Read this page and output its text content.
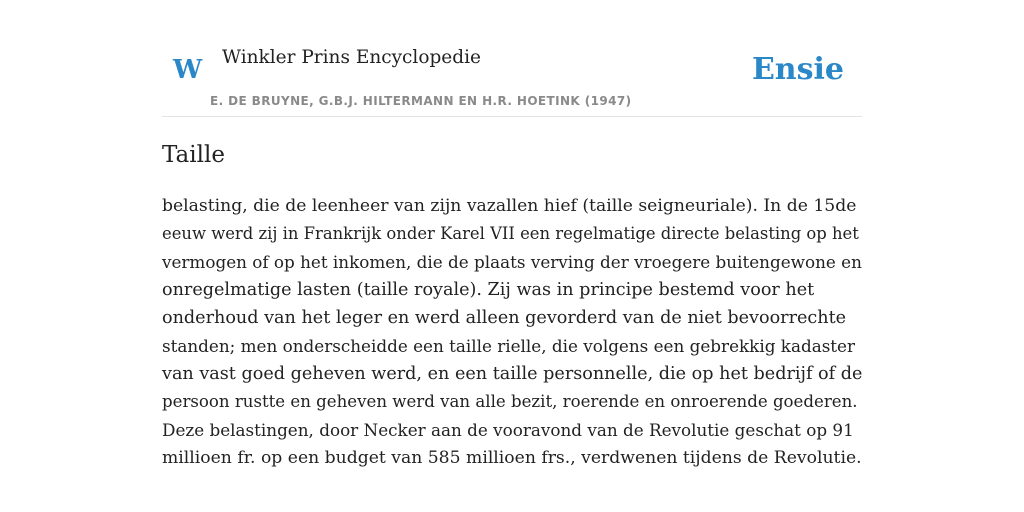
W Winkler Prins Encyclopedie
E. DE BRUYNE, G.B.J. HILTERMANN EN H.R. HOETINK (1947)
Ensie
Taille

belasting, die de leenheer van zijn vazallen hief (taille seigneuriale). In de 15de
eeuw werd zij in Frankrijk onder Karel VII een regelmatige directe belasting op het
vermogen of op het inkomen, die de plaats verving der vroegere buitengewone en
onregelmatige lasten (taille royale). Zij was in principe bestemd voor het
onderhoud van het leger en werd alleen gevorderd van de niet bevoorrechte
standen; men onderscheidde een taille rielle, die volgens een gebrekkig kadaster
van vast goed geheven werd, en een taille personnelle, die op het bedrijf of de
persoon rustte en geheven werd van alle bezit, roerende en onroerende goederen.
Deze belastingen, door Necker aan de vooravond van de Revolutie geschat op 91
millioen fr. op een budget van 585 millioen frs., verdwenen tijdens de Revolutie.
